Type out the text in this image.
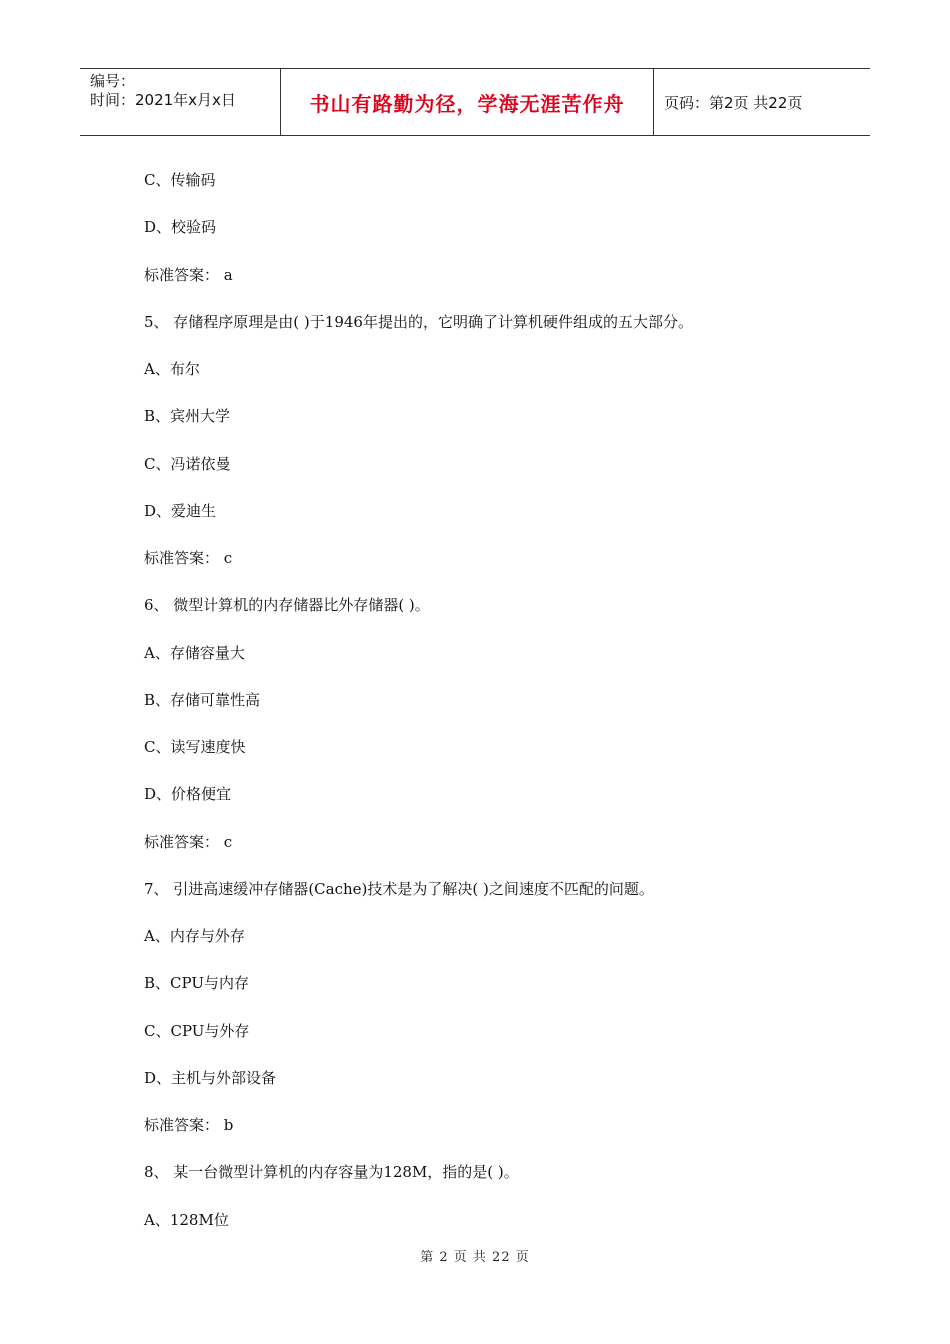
编号：
时间：2021年x月x日	书山有路勤为径，学海无涯苦作舟	页码：第2页 共22页
C、传输码
D、校验码
标准答案： a
5、 存储程序原理是由( )于1946年提出的，它明确了计算机硬件组成的五大部分。
A、布尔
B、宾州大学
C、冯诺依曼
D、爱迪生
标准答案： c
6、 微型计算机的内存储器比外存储器( )。
A、存储容量大
B、存储可靠性高
C、读写速度快
D、价格便宜
标准答案： c
7、 引进高速缓冲存储器(Cache)技术是为了解决( )之间速度不匹配的问题。
A、内存与外存
B、CPU与内存
C、CPU与外存
D、主机与外部设备
标准答案： b
8、 某一台微型计算机的内存容量为128M，指的是( )。
A、128M位
第 2 页 共 22 页
